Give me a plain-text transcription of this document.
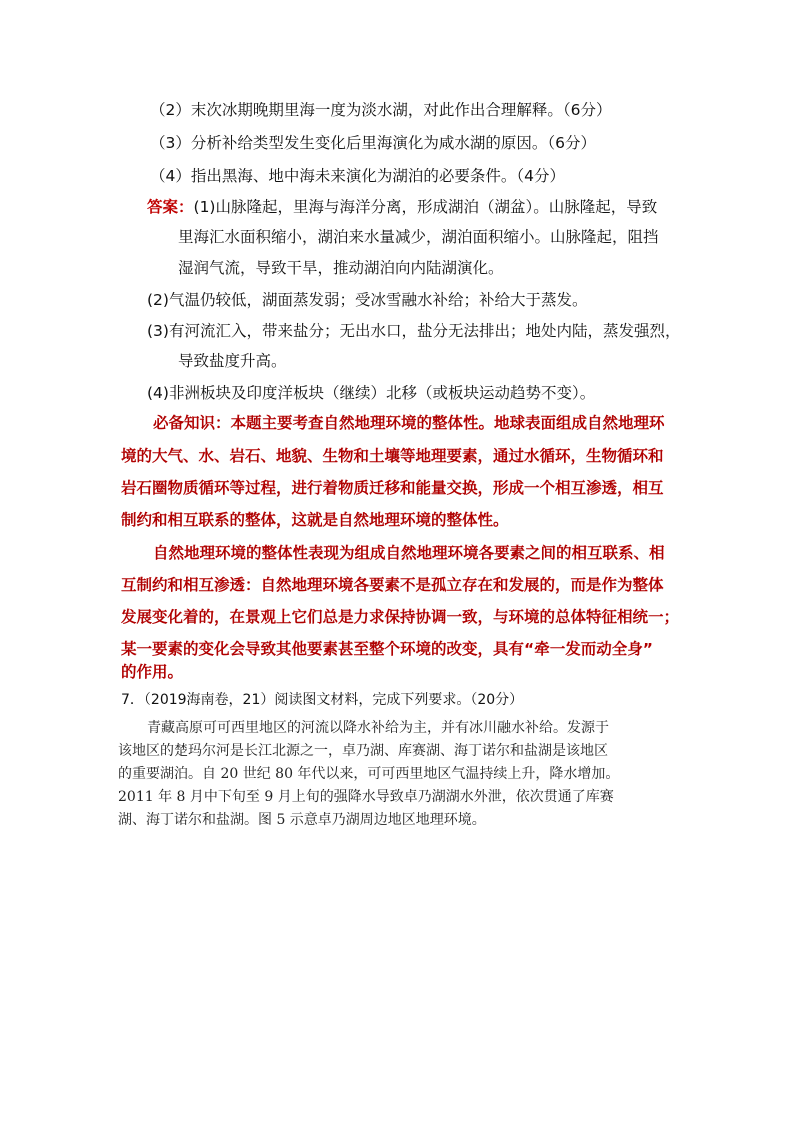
（2）末次冰期晚期里海一度为淡水湖，对此作出合理解释。（6分）
（3）分析补给类型发生变化后里海演化为咸水湖的原因。（6分）
（4）指出黑海、地中海未来演化为湖泊的必要条件。（4分）
答案：(1)山脉隆起，里海与海洋分离，形成湖泊（湖盆）。山脉隆起，导致
里海汇水面积缩小，湖泊来水量减少，湖泊面积缩小。山脉隆起，阻挡
湿润气流，导致干旱，推动湖泊向内陆湖演化。
(2)气温仍较低，湖面蒸发弱；受冰雪融水补给；补给大于蒸发。
(3)有河流汇入，带来盐分；无出水口，盐分无法排出；地处内陆，蒸发强烈，
导致盐度升高。
(4)非洲板块及印度洋板块（继续）北移（或板块运动趋势不变）。
必备知识：本题主要考查自然地理环境的整体性。地球表面组成自然地理环
境的大气、水、岩石、地貌、生物和土壤等地理要素，通过水循环，生物循环和
岩石圈物质循环等过程，进行着物质迁移和能量交换，形成一个相互渗透，相互
制约和相互联系的整体，这就是自然地理环境的整体性。
自然地理环境的整体性表现为组成自然地理环境各要素之间的相互联系、相
互制约和相互渗透：自然地理环境各要素不是孤立存在和发展的，而是作为整体
发展变化着的，在景观上它们总是力求保持协调一致，与环境的总体特征相统一；
某一要素的变化会导致其他要素甚至整个环境的改变，具有“牵一发而动全身”
的作用。
7．（2019海南卷，21）阅读图文材料，完成下列要求。（20分）
青藏高原可可西里地区的河流以降水补给为主，并有冰川融水补给。发源于
该地区的楚玛尔河是长江北源之一，卓乃湖、库赛湖、海丁诺尔和盐湖是该地区
的重要湖泊。自 20 世纪 80 年代以来，可可西里地区气温持续上升，降水增加。
2011 年 8 月中下旬至 9 月上旬的强降水导致卓乃湖湖水外泄，依次贯通了库赛
湖、海丁诺尔和盐湖。图 5 示意卓乃湖周边地区地理环境。
